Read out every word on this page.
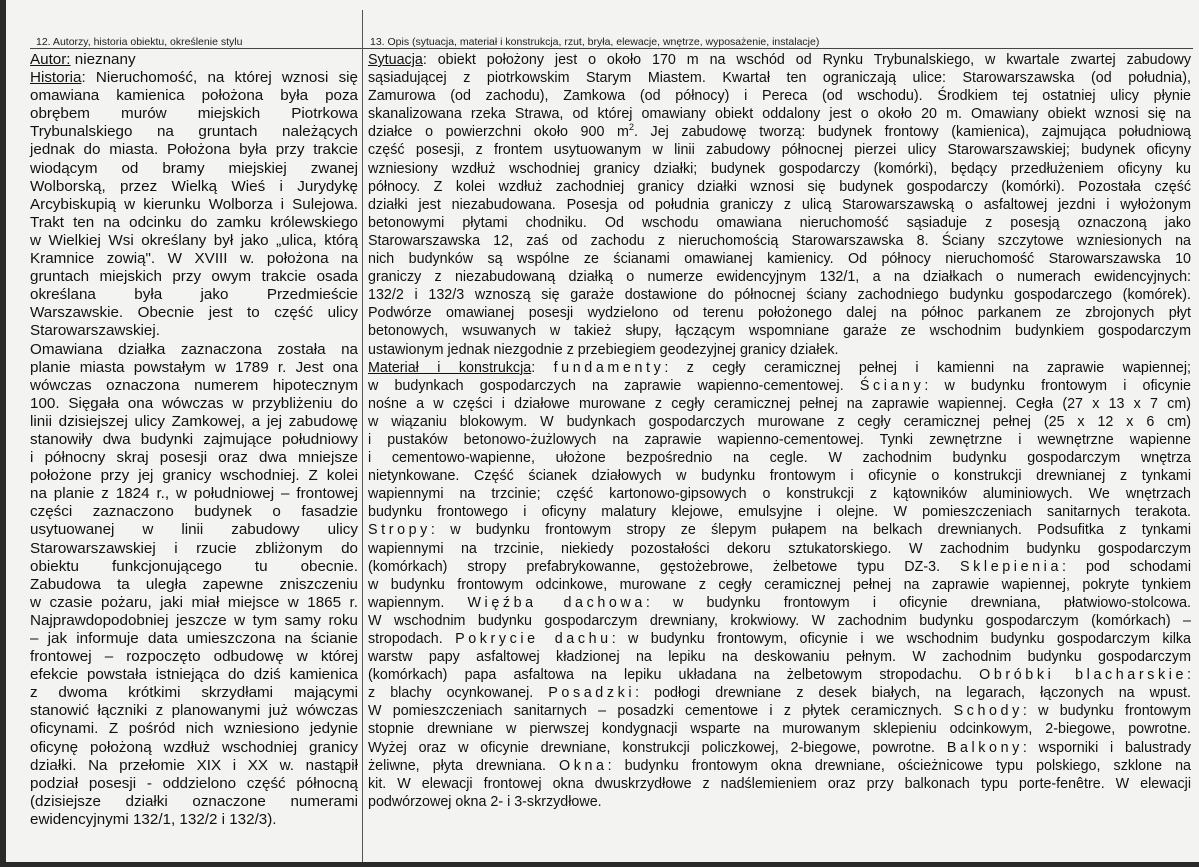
12. Autorzy, historia obiektu, określenie stylu	13. Opis (sytuacja, materiał i konstrukcja, rzut, bryła, elewacje, wnętrze, wyposażenie, instalacje)
Autor: nieznany
Historia: Nieruchomość, na której wznosi się
omawiana kamienica położona była poza
obrębem murów miejskich Piotrkowa
Trybunalskiego na gruntach należących
jednak do miasta. Położona była przy trakcie
wiodącym od bramy miejskiej zwanej
Wolborską, przez Wielką Wieś i Jurydykę
Arcybiskupią w kierunku Wolborza i Sulejowa.
Trakt ten na odcinku do zamku królewskiego
w Wielkiej Wsi określany był jako „ulica, którą
Kramnice zowią". W XVIII w. położona na
gruntach miejskich przy owym trakcie osada
określana była jako Przedmieście
Warszawskie. Obecnie jest to część ulicy
Starowarszawskiej.
Omawiana działka zaznaczona została na
planie miasta powstałym w 1789 r. Jest ona
wówczas oznaczona numerem hipotecznym
100. Sięgała ona wówczas w przybliżeniu do
linii dzisiejszej ulicy Zamkowej, a jej zabudowę
stanowiły dwa budynki zajmujące południowy
i północny skraj posesji oraz dwa mniejsze
położone przy jej granicy wschodniej. Z kolei
na planie z 1824 r., w południowej – frontowej
części zaznaczono budynek o fasadzie
usytuowanej w linii zabudowy ulicy
Starowarszawskiej i rzucie zbliżonym do
obiektu funkcjonującego tu obecnie.
Zabudowa ta uległa zapewne zniszczeniu
w czasie pożaru, jaki miał miejsce w 1865 r.
Najprawdopodobniej jeszcze w tym samy roku
– jak informuje data umieszczona na ścianie
frontowej – rozpoczęto odbudowę w której
efekcie powstała istniejąca do dziś kamienica
z dwoma krótkimi skrzydłami mającymi
stanowić łączniki z planowanymi już wówczas
oficynami. Z pośród nich wzniesiono jedynie
oficynę położoną wzdłuż wschodniej granicy
działki. Na przełomie XIX i XX w. nastąpił
podział posesji - oddzielono część północną
(dzisiejsze działki oznaczone numerami
ewidencyjnymi 132/1, 132/2 i 132/3).
Sytuacja: obiekt położony jest o około 170 m na wschód od Rynku Trybunalskiego, w kwartale zwartej zabudowy
sąsiadującej z piotrkowskim Starym Miastem. Kwartał ten ograniczają ulice: Starowarszawska (od południa),
Zamurowa (od zachodu), Zamkowa (od północy) i Pereca (od wschodu). Środkiem tej ostatniej ulicy płynie
skanalizowana rzeka Strawa, od której omawiany obiekt oddalony jest o około 20 m. Omawiany obiekt wznosi się na
działce o powierzchni około 900 $m^2$. Jej zabudowę tworzą: budynek frontowy (kamienica), zajmująca południową
część posesji, z frontem usytuowanym w linii zabudowy północnej pierzei ulicy Starowarszawskiej; budynek oficyny
wzniesiony wzdłuż wschodniej granicy działki; budynek gospodarczy (komórki), będący przedłużeniem oficyny ku
północy. Z kolei wzdłuż zachodniej granicy działki wznosi się budynek gospodarczy (komórki). Pozostała część
działki jest niezabudowana. Posesja od południa graniczy z ulicą Starowarszawską o asfaltowej jezdni i wyłożonym
betonowymi płytami chodniku. Od wschodu omawiana nieruchomość sąsiaduje z posesją oznaczoną jako
Starowarszawska 12, zaś od zachodu z nieruchomością Starowarszawska 8. Ściany szczytowe wzniesionych na
nich budynków są wspólne ze ścianami omawianej kamienicy. Od północy nieruchomość Starowarszawska 10
graniczy z niezabudowaną działką o numerze ewidencyjnym 132/1, a na działkach o numerach ewidencyjnych:
132/2 i 132/3 wznoszą się garaże dostawione do północnej ściany zachodniego budynku gospodarczego (komórek).
Podwórze omawianej posesji wydzielono od terenu położonego dalej na północ parkanem ze zbrojonych płyt
betonowych, wsuwanych w takież słupy, łączącym wspomniane garaże ze wschodnim budynkiem gospodarczym
ustawionym jednak niezgodnie z przebiegiem geodezyjnej granicy działek.
Materiał i konstrukcja: fundamenty: z cegły ceramicznej pełnej i kamienni na zaprawie wapiennej;
w budynkach gospodarczych na zaprawie wapienno-cementowej. Ściany: w budynku frontowym i oficynie
nośne a w części i działowe murowane z cegły ceramicznej pełnej na zaprawie wapiennej. Cegła (27 x 13 x 7 cm)
w wiązaniu blokowym. W budynkach gospodarczych murowane z cegły ceramicznej pełnej (25 x 12 x 6 cm)
i pustaków betonowo-żużlowych na zaprawie wapienno-cementowej. Tynki zewnętrzne i wewnętrzne wapienne
i cementowo-wapienne, ułożone bezpośrednio na cegle. W zachodnim budynku gospodarczym wnętrza
nietynkowane. Część ścianek działowych w budynku frontowym i oficynie o konstrukcji drewnianej z tynkami
wapiennymi na trzcinie; część kartonowo-gipsowych o konstrukcji z kątowników aluminiowych. We wnętrzach
budynku frontowego i oficyny malatury klejowe, emulsyjne i olejne. W pomieszczeniach sanitarnych terakota.
Stropy: w budynku frontowym stropy ze ślepym pułapem na belkach drewnianych. Podsufitka z tynkami
wapiennymi na trzcinie, niekiedy pozostałości dekoru sztukatorskiego. W zachodnim budynku gospodarczym
(komórkach) stropy prefabrykowanne, gęstożebrowe, żelbetowe typu DZ-3. Sklepienia: pod schodami
w budynku frontowym odcinkowe, murowane z cegły ceramicznej pełnej na zaprawie wapiennej, pokryte tynkiem
wapiennym. Więźba dachowa: w budynku frontowym i oficynie drewniana, płatwiowo-stolcowa.
W wschodnim budynku gospodarczym drewniany, krokwiowy. W zachodnim budynku gospodarczym (komórkach) –
stropodach. Pokrycie dachu: w budynku frontowym, oficynie i we wschodnim budynku gospodarczym kilka
warstw papy asfaltowej kładzionej na lepiku na deskowaniu pełnym. W zachodnim budynku gospodarczym
(komórkach) papa asfaltowa na lepiku układana na żelbetowym stropodachu. Obróbki blacharskie:
z blachy ocynkowanej. Posadzki: podłogi drewniane z desek białych, na legarach, łączonych na wpust.
W pomieszczeniach sanitarnych – posadzki cementowe i z płytek ceramicznych. Schody: w budynku frontowym
stopnie drewniane w pierwszej kondygnacji wsparte na murowanym sklepieniu odcinkowym, 2-biegowe, powrotne.
Wyżej oraz w oficynie drewniane, konstrukcji policzkowej, 2-biegowe, powrotne. Balkony: wsporniki i balustrady
żeliwne, płyta drewniana. Okna: budynku frontowym okna drewniane, ościeżnicowe typu polskiego, szklone na
kit. W elewacji frontowej okna dwuskrzydłowe z nadślemieniem oraz przy balkonach typu porte-fenêtre. W elewacji
podwórzowej okna 2- i 3-skrzydłowe.
